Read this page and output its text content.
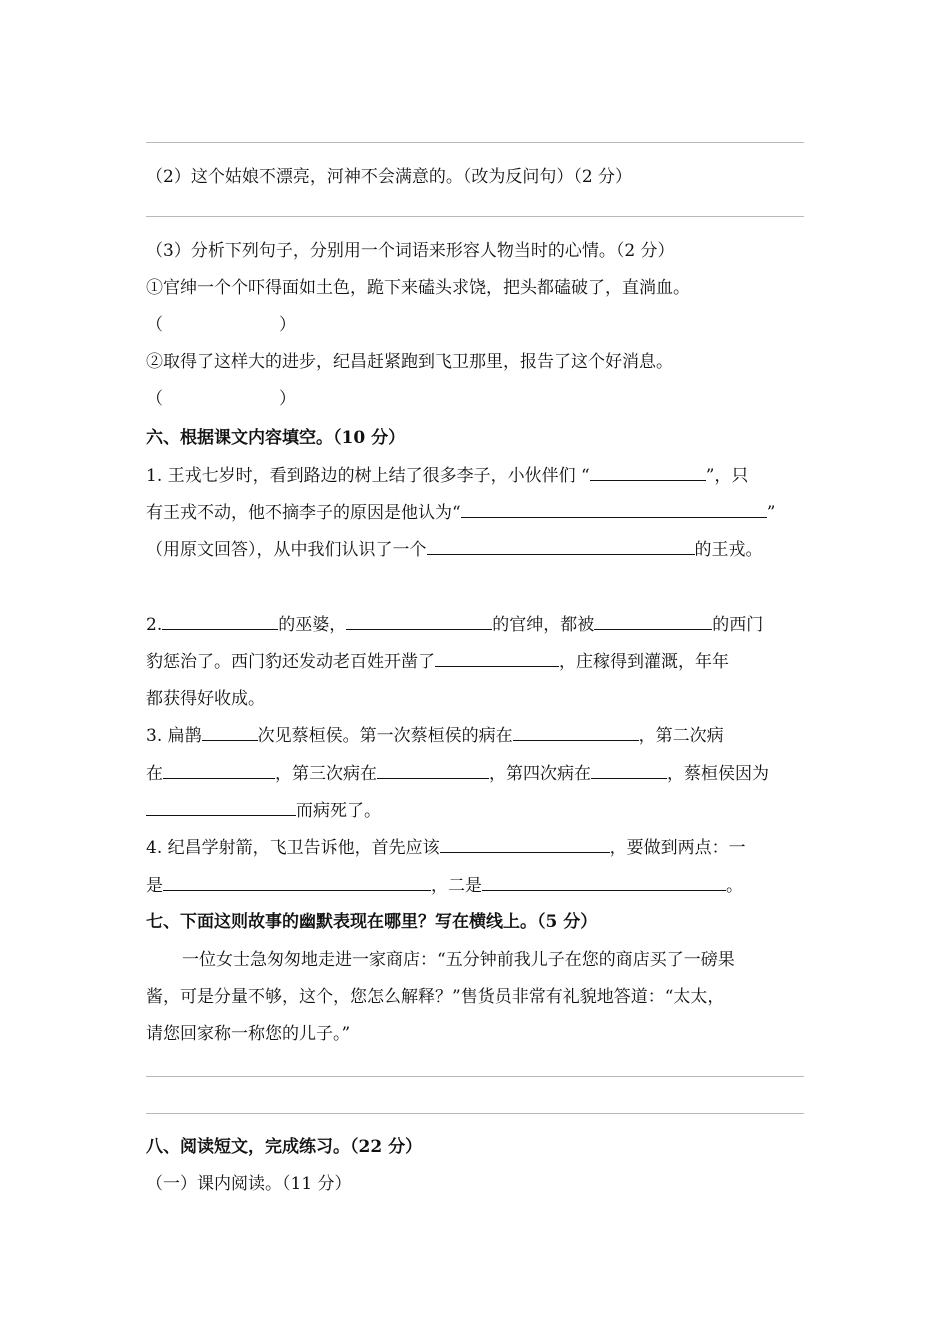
（2）这个姑娘不漂亮，河神不会满意的。（改为反问句）（2 分）
（3）分析下列句子，分别用一个词语来形容人物当时的心情。（2 分）
①官绅一个个吓得面如土色，跪下来磕头求饶，把头都磕破了，直淌血。
（	）
②取得了这样大的进步，纪昌赶紧跑到飞卫那里，报告了这个好消息。
（	）
六、根据课文内容填空。（10 分）
1. 王戎七岁时，看到路边的树上结了很多李子，小伙伴们 “	”，只
有王戎不动，他不摘李子的原因是他认为“	”
（用原文回答），从中我们认识了一个	的王戎。
2.	的巫婆，	的官绅，都被	的西门
豹惩治了。西门豹还发动老百姓开凿了	，庄稼得到灌溉，年年
都获得好收成。
3. 扁鹊	次见蔡桓侯。第一次蔡桓侯的病在	，第二次病
在	，第三次病在	，第四次病在	，蔡桓侯因为
而病死了。
4. 纪昌学射箭，飞卫告诉他，首先应该	，要做到两点：一
是	，二是	。
七、下面这则故事的幽默表现在哪里？写在横线上。（5 分）
一位女士急匆匆地走进一家商店：“五分钟前我儿子在您的商店买了一磅果
酱，可是分量不够，这个，您怎么解释？”售货员非常有礼貌地答道：“太太，
请您回家称一称您的儿子。”
八、阅读短文，完成练习。（22 分）
（一）课内阅读。（11 分）
